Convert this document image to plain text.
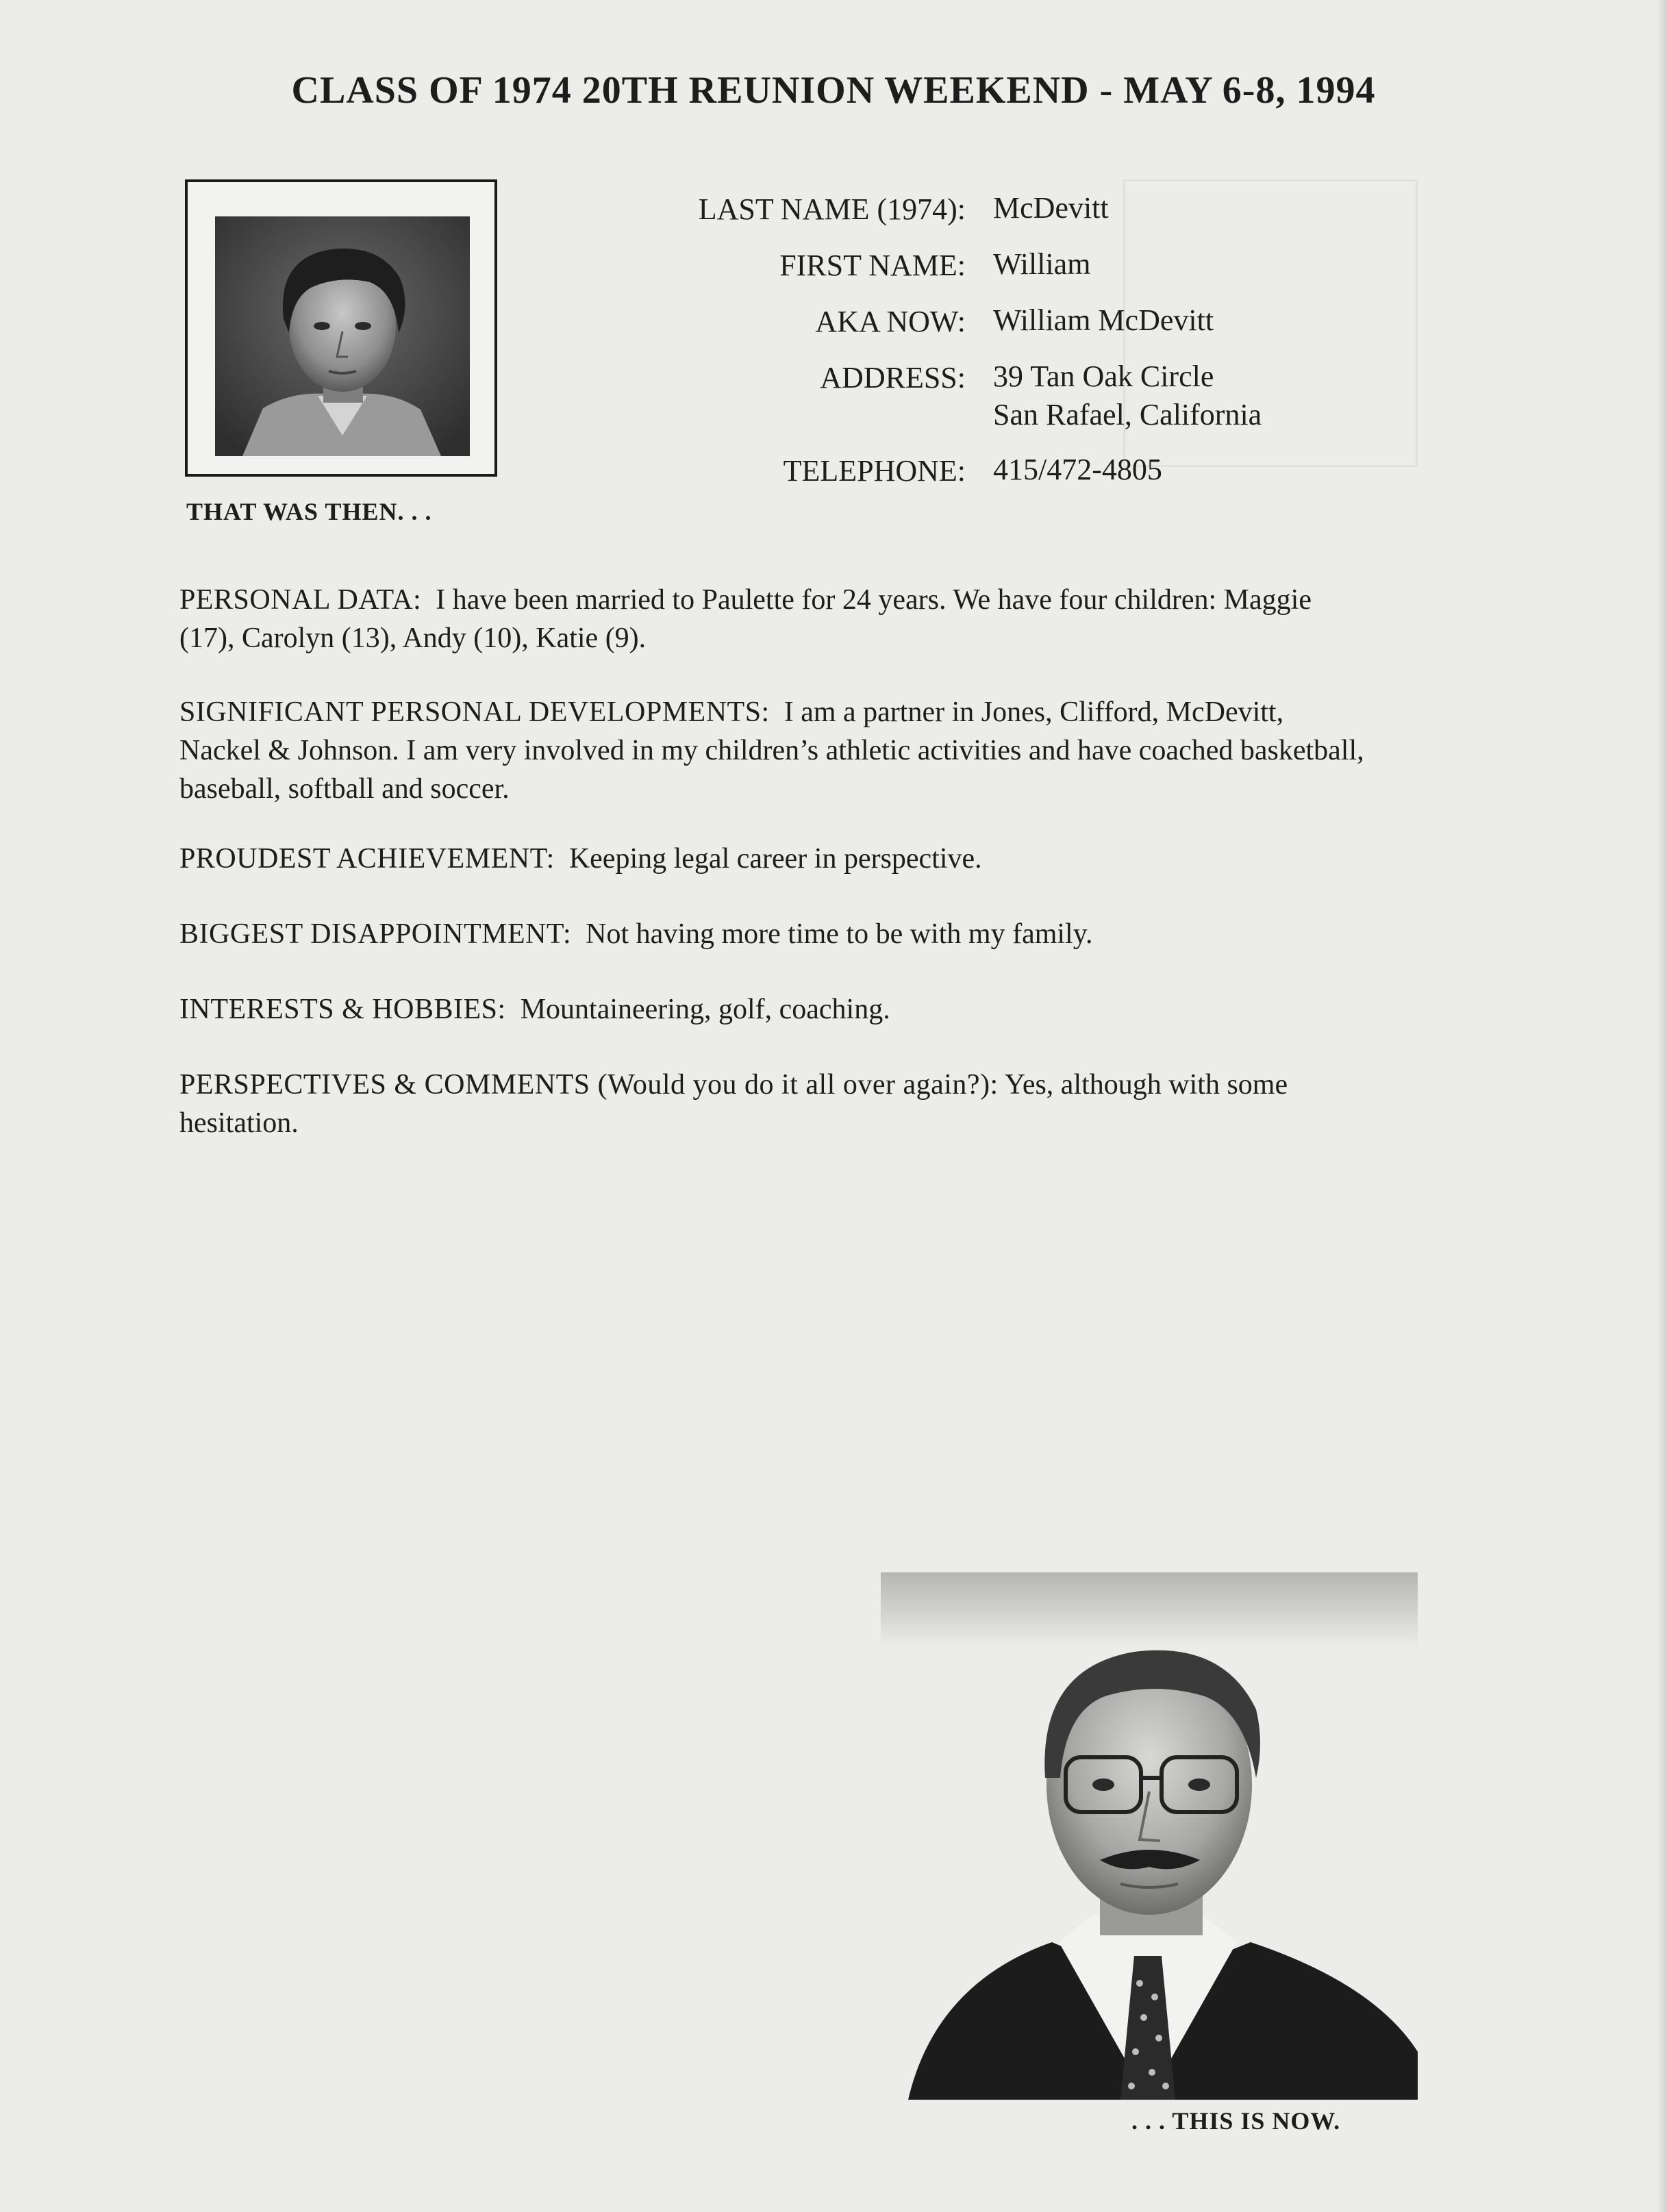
CLASS OF 1974 20TH REUNION WEEKEND - MAY 6-8, 1994
THAT WAS THEN. . .
LAST NAME (1974): McDevitt
FIRST NAME: William
AKA NOW: William McDevitt
ADDRESS: 39 Tan Oak Circle
San Rafael, California
TELEPHONE: 415/472-4805
PERSONAL DATA: I have been married to Paulette for 24 years. We have four children: Maggie (17), Carolyn (13), Andy (10), Katie (9).
SIGNIFICANT PERSONAL DEVELOPMENTS: I am a partner in Jones, Clifford, McDevitt, Nackel & Johnson. I am very involved in my children’s athletic activities and have coached basketball, baseball, softball and soccer.
PROUDEST ACHIEVEMENT: Keeping legal career in perspective.
BIGGEST DISAPPOINTMENT: Not having more time to be with my family.
INTERESTS & HOBBIES: Mountaineering, golf, coaching.
PERSPECTIVES & COMMENTS (Would you do it all over again?): Yes, although with some hesitation.
. . . THIS IS NOW.
